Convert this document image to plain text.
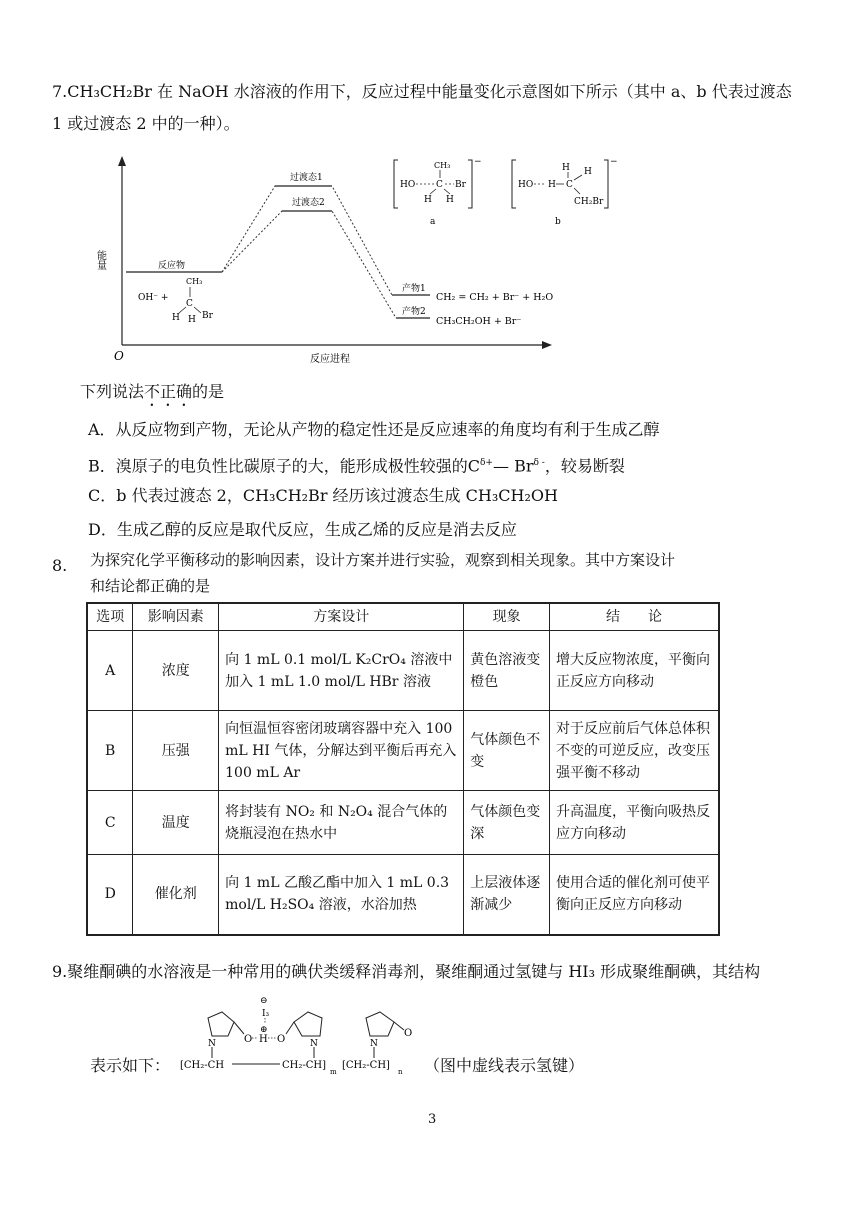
7.CH₃CH₂Br 在 NaOH 水溶液的作用下，反应过程中能量变化示意图如下所示（其中 a、b 代表过渡态
1 或过渡态 2 中的一种）。
O
能量
反应进程
反应物
OH⁻ +
CH₃
C
H H Br
过渡态1
过渡态2
产物1
CH₂ = CH₂ + Br⁻ + H₂O
产物2
CH₃CH₂OH + Br⁻
−
CH₃
HO C Br
H H
a
−
H H
HO H C
CH₂Br
b
下列说法不正确的是
A．从反应物到产物，无论从产物的稳定性还是反应速率的角度均有利于生成乙醇
B．溴原子的电负性比碳原子的大，能形成极性较强的$C^{\delta+}—$ $Br^{\delta -}$，较易断裂
C．b 代表过渡态 2，CH₃CH₂Br 经历该过渡态生成 CH₃CH₂OH
D．生成乙醇的反应是取代反应，生成乙烯的反应是消去反应
8. 为探究化学平衡移动的影响因素，设计方案并进行实验，观察到相关现象。其中方案设计
和结论都正确的是
选项	影响因素	方案设计	现象	结　　论
A	浓度	向 1 mL 0.1 mol/L K₂CrO₄ 溶液中加入 1 mL 1.0 mol/L HBr 溶液	黄色溶液变橙色	增大反应物浓度，平衡向正反应方向移动
B	压强	向恒温恒容密闭玻璃容器中充入 100 mL HI 气体，分解达到平衡后再充入 100 mL Ar	气体颜色不变	对于反应前后气体总体积不变的可逆反应，改变压强平衡不移动
C	温度	将封装有 NO₂ 和 N₂O₄ 混合气体的烧瓶浸泡在热水中	气体颜色变深	升高温度，平衡向吸热反应方向移动
D	催化剂	向 1 mL 乙酸乙酯中加入 1 mL 0.3 mol/L H₂SO₄ 溶液，水浴加热	上层液体逐渐减少	使用合适的催化剂可使平衡向正反应方向移动
9.聚维酮碘的水溶液是一种常用的碘伏类缓释消毒剂，聚维酮通过氢键与 HI₃ 形成聚维酮碘，其结构
⊖
I₃
⊕
O
N	H O	N
O
N
[CH₂-CH	CH₂-CH]
m
[CH₂-CH]
n
表示如下：	（图中虚线表示氢键）
3
